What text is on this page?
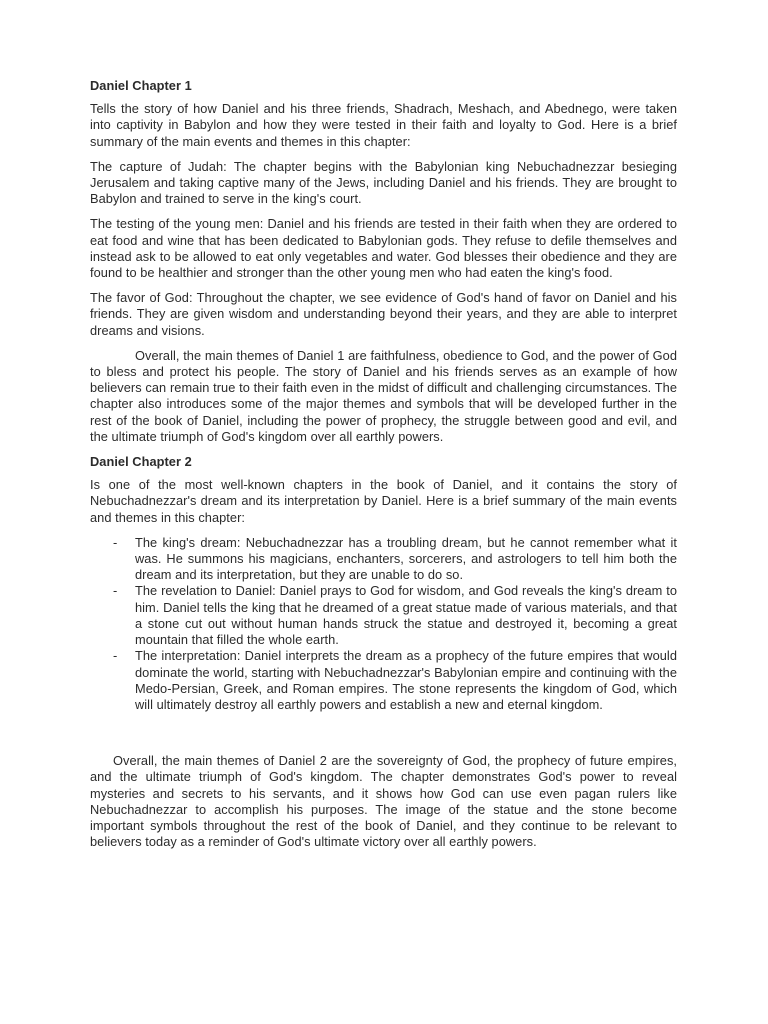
Daniel Chapter 1

Tells the story of how Daniel and his three friends, Shadrach, Meshach, and Abednego, were taken into captivity in Babylon and how they were tested in their faith and loyalty to God. Here is a brief summary of the main events and themes in this chapter:

The capture of Judah: The chapter begins with the Babylonian king Nebuchadnezzar besieging Jerusalem and taking captive many of the Jews, including Daniel and his friends. They are brought to Babylon and trained to serve in the king's court.

The testing of the young men: Daniel and his friends are tested in their faith when they are ordered to eat food and wine that has been dedicated to Babylonian gods. They refuse to defile themselves and instead ask to be allowed to eat only vegetables and water. God blesses their obedience and they are found to be healthier and stronger than the other young men who had eaten the king's food.

The favor of God: Throughout the chapter, we see evidence of God's hand of favor on Daniel and his friends. They are given wisdom and understanding beyond their years, and they are able to interpret dreams and visions.

Overall, the main themes of Daniel 1 are faithfulness, obedience to God, and the power of God to bless and protect his people. The story of Daniel and his friends serves as an example of how believers can remain true to their faith even in the midst of difficult and challenging circumstances. The chapter also introduces some of the major themes and symbols that will be developed further in the rest of the book of Daniel, including the power of prophecy, the struggle between good and evil, and the ultimate triumph of God's kingdom over all earthly powers.

Daniel Chapter 2

Is one of the most well-known chapters in the book of Daniel, and it contains the story of Nebuchadnezzar's dream and its interpretation by Daniel. Here is a brief summary of the main events and themes in this chapter:

- The king's dream: Nebuchadnezzar has a troubling dream, but he cannot remember what it was. He summons his magicians, enchanters, sorcerers, and astrologers to tell him both the dream and its interpretation, but they are unable to do so.
- The revelation to Daniel: Daniel prays to God for wisdom, and God reveals the king's dream to him. Daniel tells the king that he dreamed of a great statue made of various materials, and that a stone cut out without human hands struck the statue and destroyed it, becoming a great mountain that filled the whole earth.
- The interpretation: Daniel interprets the dream as a prophecy of the future empires that would dominate the world, starting with Nebuchadnezzar's Babylonian empire and continuing with the Medo-Persian, Greek, and Roman empires. The stone represents the kingdom of God, which will ultimately destroy all earthly powers and establish a new and eternal kingdom.

Overall, the main themes of Daniel 2 are the sovereignty of God, the prophecy of future empires, and the ultimate triumph of God's kingdom. The chapter demonstrates God's power to reveal mysteries and secrets to his servants, and it shows how God can use even pagan rulers like Nebuchadnezzar to accomplish his purposes. The image of the statue and the stone become important symbols throughout the rest of the book of Daniel, and they continue to be relevant to believers today as a reminder of God's ultimate victory over all earthly powers.
